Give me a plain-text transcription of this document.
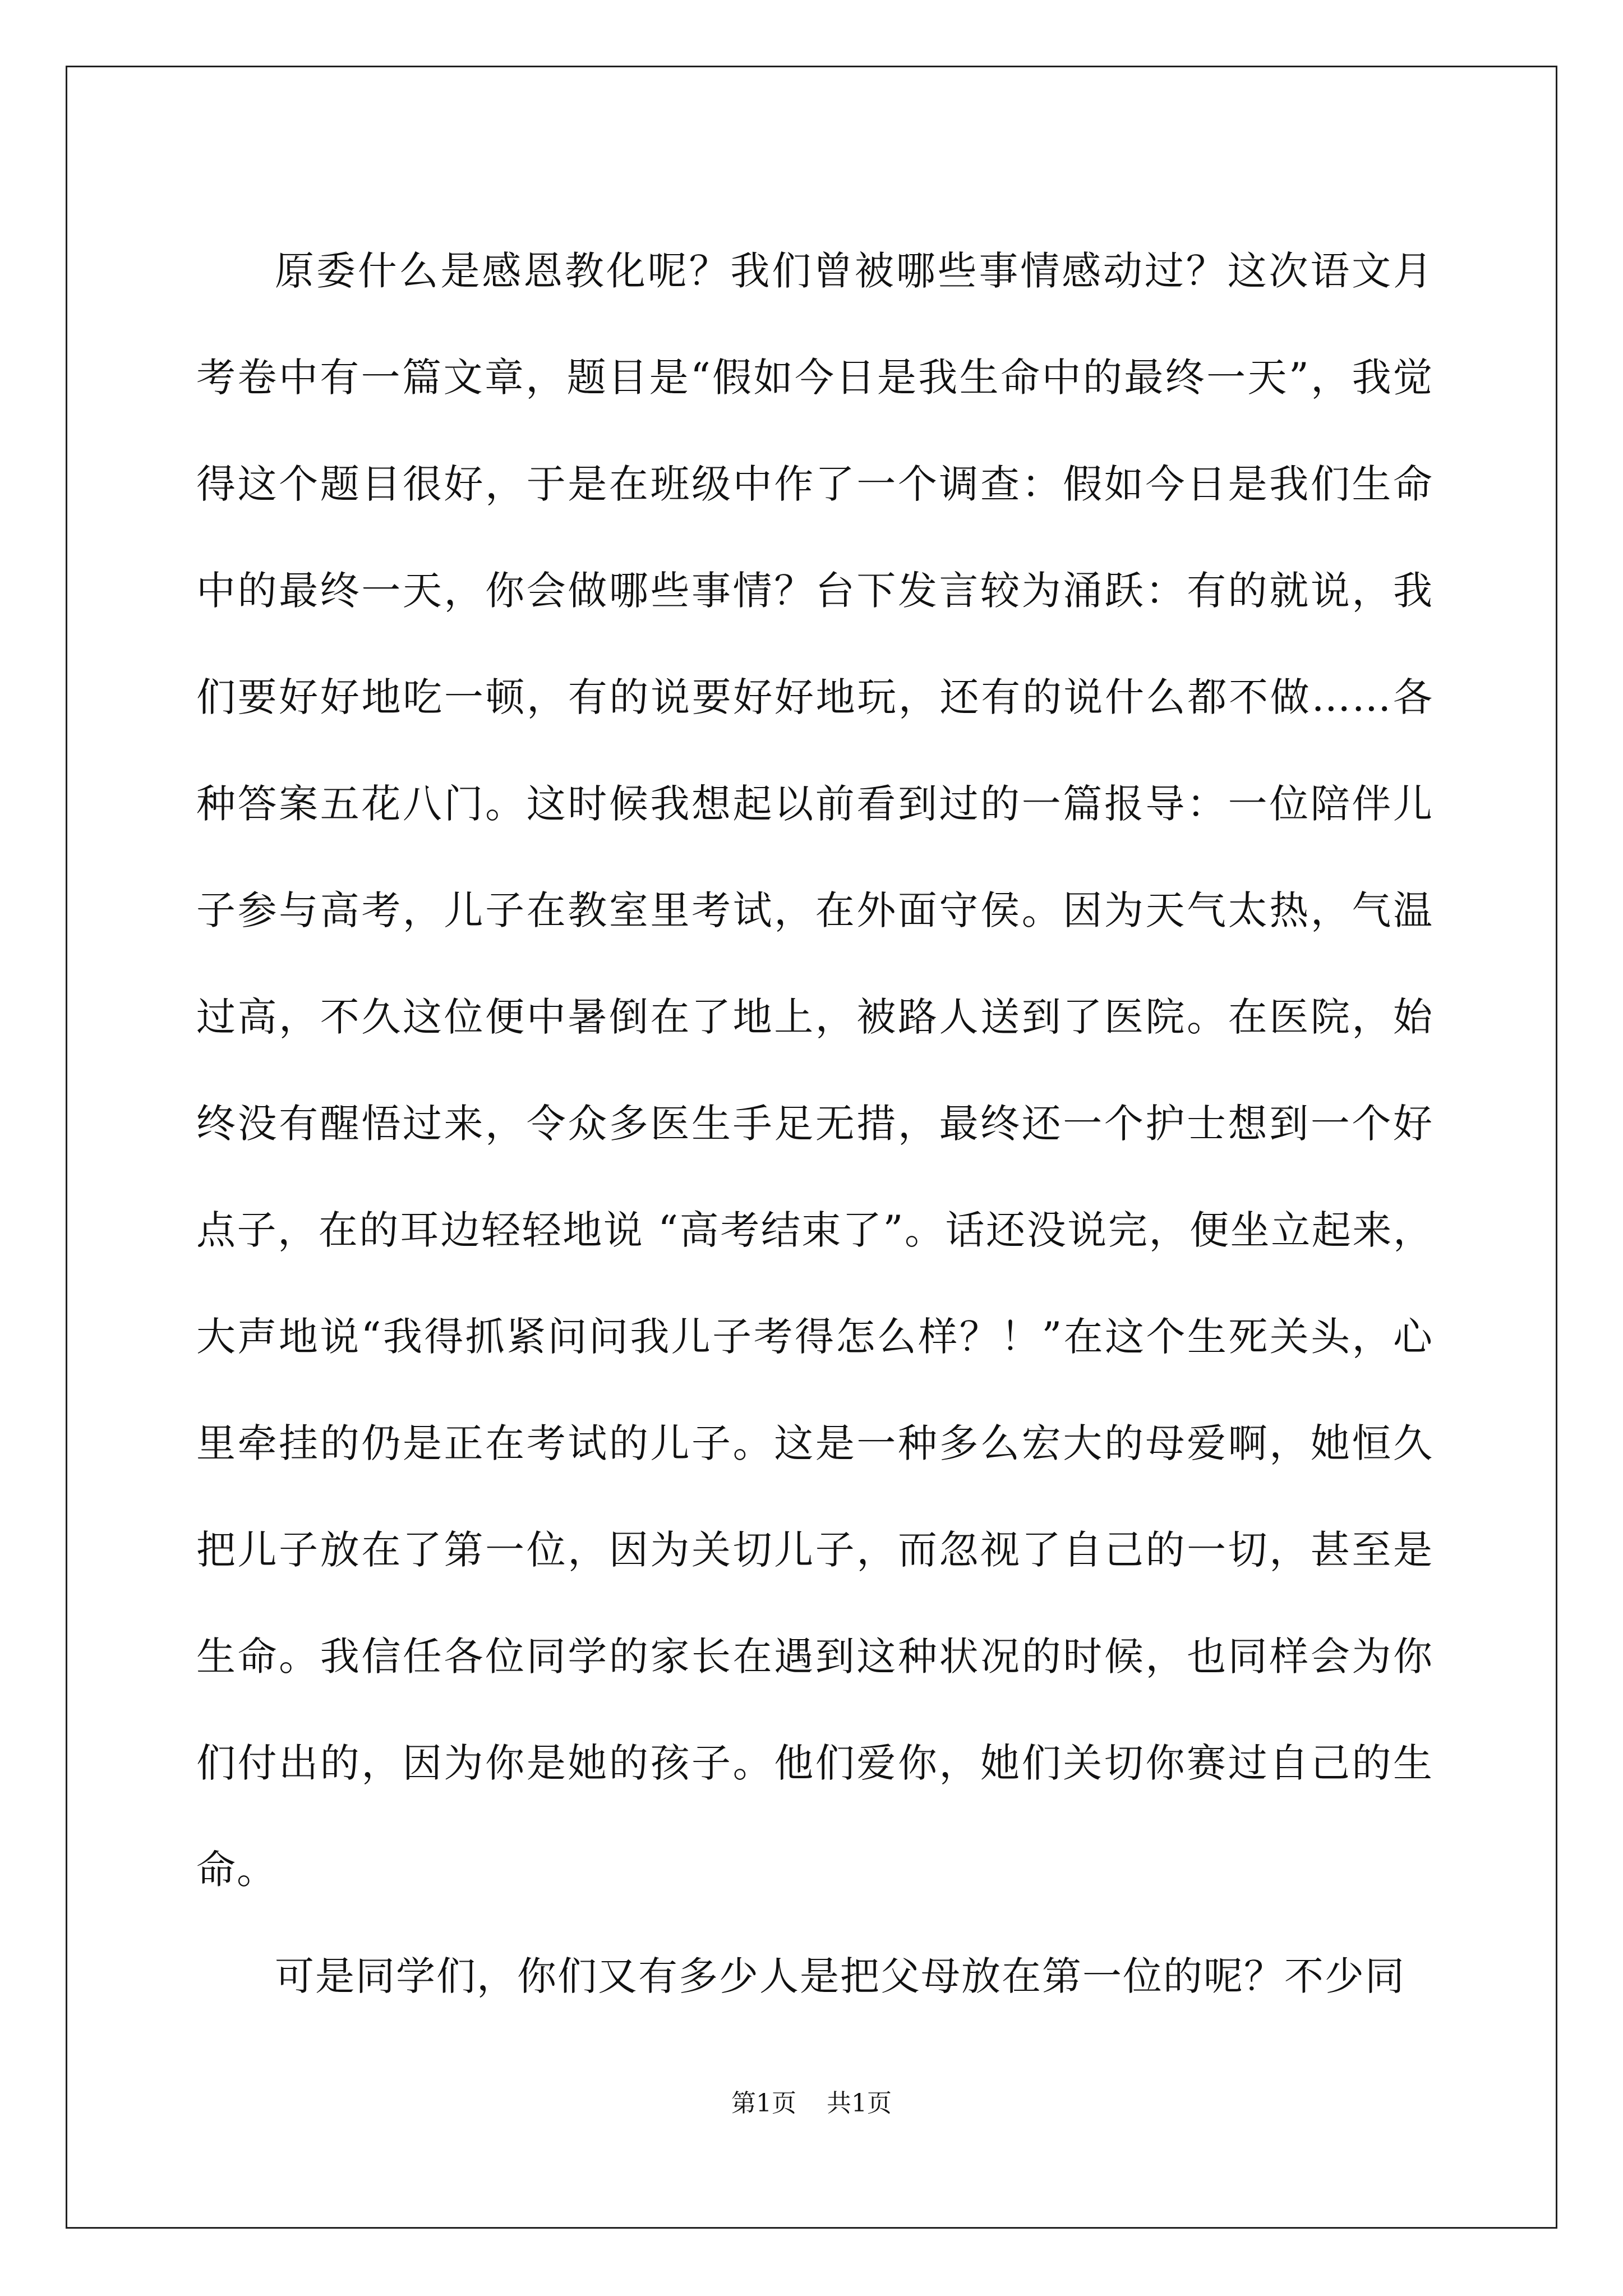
原委什么是感恩教化呢？我们曾被哪些事情感动过？这次语文月考卷中有一篇文章，题目是“假如今日是我生命中的最终一天”，我觉得这个题目很好，于是在班级中作了一个调查：假如今日是我们生命中的最终一天，你会做哪些事情？台下发言较为涌跃：有的就说，我们要好好地吃一顿，有的说要好好地玩，还有的说什么都不做……各种答案五花八门。这时候我想起以前看到过的一篇报导：一位陪伴儿子参与高考，儿子在教室里考试，在外面守侯。因为天气太热，气温过高，不久这位便中暑倒在了地上，被路人送到了医院。在医院，始终没有醒悟过来，令众多医生手足无措，最终还一个护士想到一个好点子，在的耳边轻轻地说 “高考结束了”。话还没说完，便坐立起来，大声地说“我得抓紧问问我儿子考得怎么样？！”在这个生死关头，心里牵挂的仍是正在考试的儿子。这是一种多么宏大的母爱啊，她恒久把儿子放在了第一位，因为关切儿子，而忽视了自己的一切，甚至是生命。我信任各位同学的家长在遇到这种状况的时候，也同样会为你们付出的，因为你是她的孩子。他们爱你，她们关切你赛过自己的生命。

可是同学们，你们又有多少人是把父母放在第一位的呢？不少同

第1页 共1页
